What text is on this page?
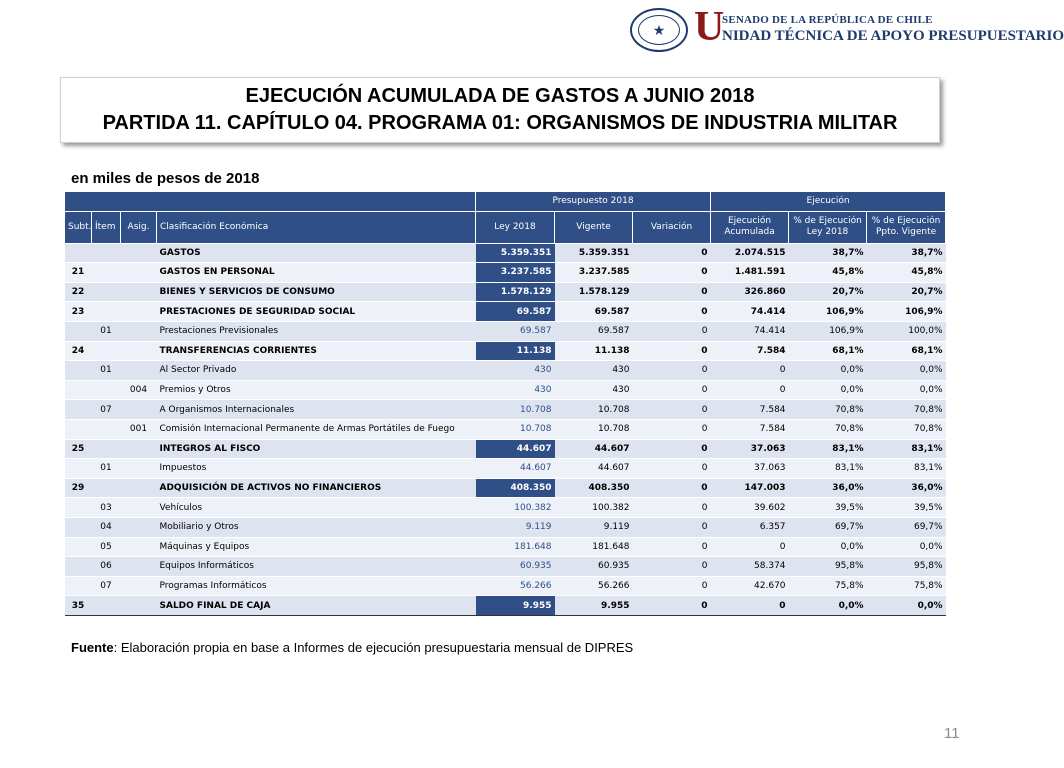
★ U
SENADO DE LA REPÚBLICA DE CHILE
NIDAD TÉCNICA DE APOYO PRESUPUESTARIO
EJECUCIÓN ACUMULADA DE GASTOS A JUNIO 2018
PARTIDA 11. CAPÍTULO 04. PROGRAMA 01: ORGANISMOS DE INDUSTRIA MILITAR
en miles de pesos de 2018
				Presupuesto 2018			Ejecución		
Subt.	Ítem	Asig.	Clasificación Económica	Ley 2018	Vigente	Variación	Ejecución Acumulada	% de Ejecución Ley 2018	% de Ejecución Ppto. Vigente
			GASTOS	5.359.351	5.359.351	0	2.074.515	38,7%	38,7%
21			GASTOS EN PERSONAL	3.237.585	3.237.585	0	1.481.591	45,8%	45,8%
22			BIENES Y SERVICIOS DE CONSUMO	1.578.129	1.578.129	0	326.860	20,7%	20,7%
23			PRESTACIONES DE SEGURIDAD SOCIAL	69.587	69.587	0	74.414	106,9%	106,9%
	01		Prestaciones Previsionales	69.587	69.587	0	74.414	106,9%	100,0%
24			TRANSFERENCIAS CORRIENTES	11.138	11.138	0	7.584	68,1%	68,1%
	01		Al Sector Privado	430	430	0	0	0,0%	0,0%
		004	Premios y Otros	430	430	0	0	0,0%	0,0%
	07		A Organismos Internacionales	10.708	10.708	0	7.584	70,8%	70,8%
		001	Comisión Internacional Permanente de Armas Portátiles de Fuego	10.708	10.708	0	7.584	70,8%	70,8%
25			INTEGROS AL FISCO	44.607	44.607	0	37.063	83,1%	83,1%
	01		Impuestos	44.607	44.607	0	37.063	83,1%	83,1%
29			ADQUISICIÓN DE ACTIVOS NO FINANCIEROS	408.350	408.350	0	147.003	36,0%	36,0%
	03		Vehículos	100.382	100.382	0	39.602	39,5%	39,5%
	04		Mobiliario y Otros	9.119	9.119	0	6.357	69,7%	69,7%
	05		Máquinas y Equipos	181.648	181.648	0	0	0,0%	0,0%
	06		Equipos Informáticos	60.935	60.935	0	58.374	95,8%	95,8%
	07		Programas Informáticos	56.266	56.266	0	42.670	75,8%	75,8%
35			SALDO FINAL DE CAJA	9.955	9.955	0	0	0,0%	0,0%
Fuente: Elaboración propia en base a Informes de ejecución presupuestaria mensual de DIPRES
11
